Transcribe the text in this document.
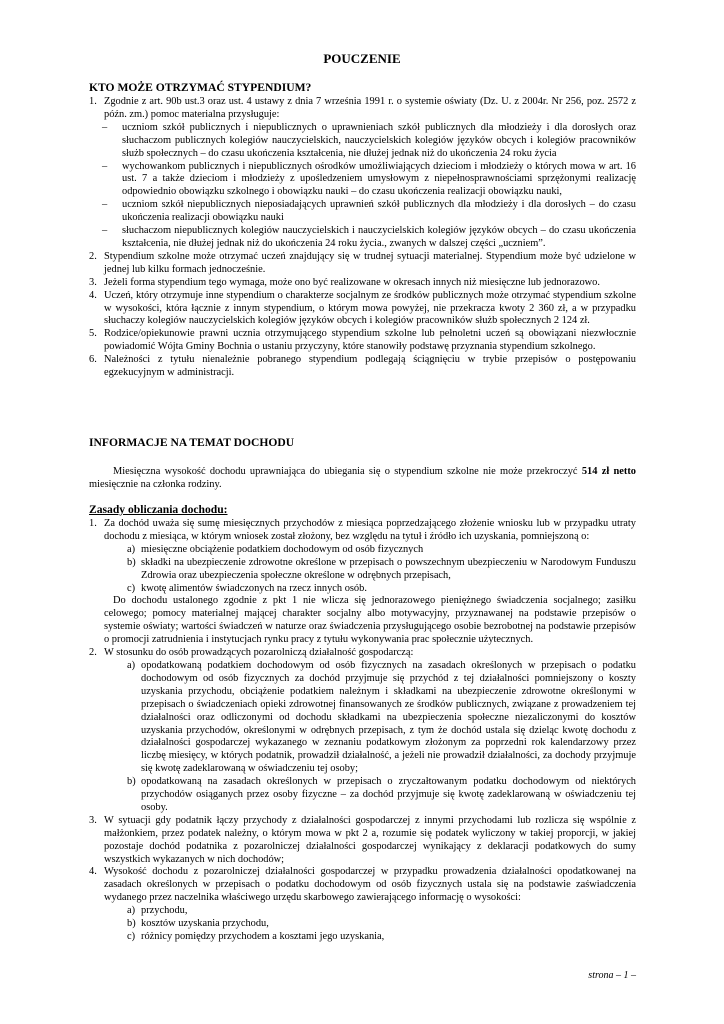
POUCZENIE
KTO MOŻE OTRZYMAĆ STYPENDIUM?
1. Zgodnie z art. 90b ust.3 oraz ust. 4 ustawy z dnia 7 września 1991 r. o systemie oświaty (Dz. U. z 2004r. Nr 256, poz. 2572 z późn. zm.) pomoc materialna przysługuje:
– uczniom szkół publicznych i niepublicznych o uprawnieniach szkół publicznych dla młodzieży i dla dorosłych oraz słuchaczom publicznych kolegiów nauczycielskich, nauczycielskich kolegiów języków obcych i kolegiów pracowników służb społecznych – do czasu ukończenia kształcenia, nie dłużej jednak niż do ukończenia 24 roku życia
– wychowankom publicznych i niepublicznych ośrodków umożliwiających dzieciom i młodzieży o których mowa w art. 16 ust. 7 a także dzieciom i młodzieży z upośledzeniem umysłowym z niepełnosprawnościami sprzężonymi realizację odpowiednio obowiązku szkolnego i obowiązku nauki – do czasu ukończenia realizacji obowiązku nauki,
– uczniom szkół niepublicznych nieposiadających uprawnień szkół publicznych dla młodzieży i dla dorosłych – do czasu ukończenia realizacji obowiązku nauki
– słuchaczom niepublicznych kolegiów nauczycielskich i nauczycielskich kolegiów języków obcych – do czasu ukończenia kształcenia, nie dłużej jednak niż do ukończenia 24 roku życia., zwanych w dalszej części „uczniem”.
2. Stypendium szkolne może otrzymać uczeń znajdujący się w trudnej sytuacji materialnej. Stypendium może być udzielone w jednej lub kilku formach jednocześnie.
3. Jeżeli forma stypendium tego wymaga, może ono być realizowane w okresach innych niż miesięczne lub jednorazowo.
4. Uczeń, który otrzymuje inne stypendium o charakterze socjalnym ze środków publicznych może otrzymać stypendium szkolne w wysokości, która łącznie z innym stypendium, o którym mowa powyżej, nie przekracza kwoty 2 360 zł, a w przypadku słuchaczy kolegiów nauczycielskich kolegiów języków obcych i kolegiów pracowników służb społecznych 2 124 zł.
5. Rodzice/opiekunowie prawni ucznia otrzymującego stypendium szkolne lub pełnoletni uczeń są obowiązani niezwłocznie powiadomić Wójta Gminy Bochnia o ustaniu przyczyny, które stanowiły podstawę przyznania stypendium szkolnego.
6. Należności z tytułu nienależnie pobranego stypendium podlegają ściągnięciu w trybie przepisów o postępowaniu egzekucyjnym w administracji.
INFORMACJE NA TEMAT DOCHODU
Miesięczna wysokość dochodu uprawniająca do ubiegania się o stypendium szkolne nie może przekroczyć 514 zł netto miesięcznie na członka rodziny.
Zasady obliczania dochodu:
1. Za dochód uważa się sumę miesięcznych przychodów z miesiąca poprzedzającego złożenie wniosku lub w przypadku utraty dochodu z miesiąca, w którym wniosek został złożony, bez względu na tytuł i źródło ich uzyskania, pomniejszoną o:
a) miesięczne obciążenie podatkiem dochodowym od osób fizycznych
b) składki na ubezpieczenie zdrowotne określone w przepisach o powszechnym ubezpieczeniu w Narodowym Funduszu Zdrowia oraz ubezpieczenia społeczne określone w odrębnych przepisach,
c) kwotę alimentów świadczonych na rzecz innych osób.
Do dochodu ustalonego zgodnie z pkt 1 nie wlicza się jednorazowego pieniężnego świadczenia socjalnego; zasiłku celowego; pomocy materialnej mającej charakter socjalny albo motywacyjny, przyznawanej na podstawie przepisów o systemie oświaty; wartości świadczeń w naturze oraz świadczenia przysługującego osobie bezrobotnej na podstawie przepisów o promocji zatrudnienia i instytucjach rynku pracy z tytułu wykonywania prac społecznie użytecznych.
2. W stosunku do osób prowadzących pozarolniczą działalność gospodarczą:
a) opodatkowaną podatkiem dochodowym od osób fizycznych na zasadach określonych w przepisach o podatku dochodowym od osób fizycznych za dochód przyjmuje się przychód z tej działalności pomniejszony o koszty uzyskania przychodu, obciążenie podatkiem należnym i składkami na ubezpieczenie zdrowotne określonymi w przepisach o świadczeniach opieki zdrowotnej finansowanych ze środków publicznych, związane z prowadzeniem tej działalności oraz odliczonymi od dochodu składkami na ubezpieczenia społeczne niezaliczonymi do kosztów uzyskania przychodów, określonymi w odrębnych przepisach, z tym że dochód ustala się dzieląc kwotę dochodu z działalności gospodarczej wykazanego w zeznaniu podatkowym złożonym za poprzedni rok kalendarzowy przez liczbę miesięcy, w których podatnik, prowadził działalność, a jeżeli nie prowadził działalności, za dochody przyjmuje się kwotę zadeklarowaną w oświadczeniu tej osoby;
b) opodatkowaną na zasadach określonych w przepisach o zryczałtowanym podatku dochodowym od niektórych przychodów osiąganych przez osoby fizyczne – za dochód przyjmuje się kwotę zadeklarowaną w oświadczeniu tej osoby.
3. W sytuacji gdy podatnik łączy przychody z działalności gospodarczej z innymi przychodami lub rozlicza się wspólnie z małżonkiem, przez podatek należny, o którym mowa w pkt 2 a, rozumie się podatek wyliczony w takiej proporcji, w jakiej pozostaje dochód podatnika z pozarolniczej działalności gospodarczej wynikający z deklaracji podatkowych do sumy wszystkich wykazanych w nich dochodów;
4. Wysokość dochodu z pozarolniczej działalności gospodarczej w przypadku prowadzenia działalności opodatkowanej na zasadach określonych w przepisach o podatku dochodowym od osób fizycznych ustala się na podstawie zaświadczenia wydanego przez naczelnika właściwego urzędu skarbowego zawierającego informację o wysokości:
a) przychodu,
b) kosztów uzyskania przychodu,
c) różnicy pomiędzy przychodem a kosztami jego uzyskania,
strona – 1 –
